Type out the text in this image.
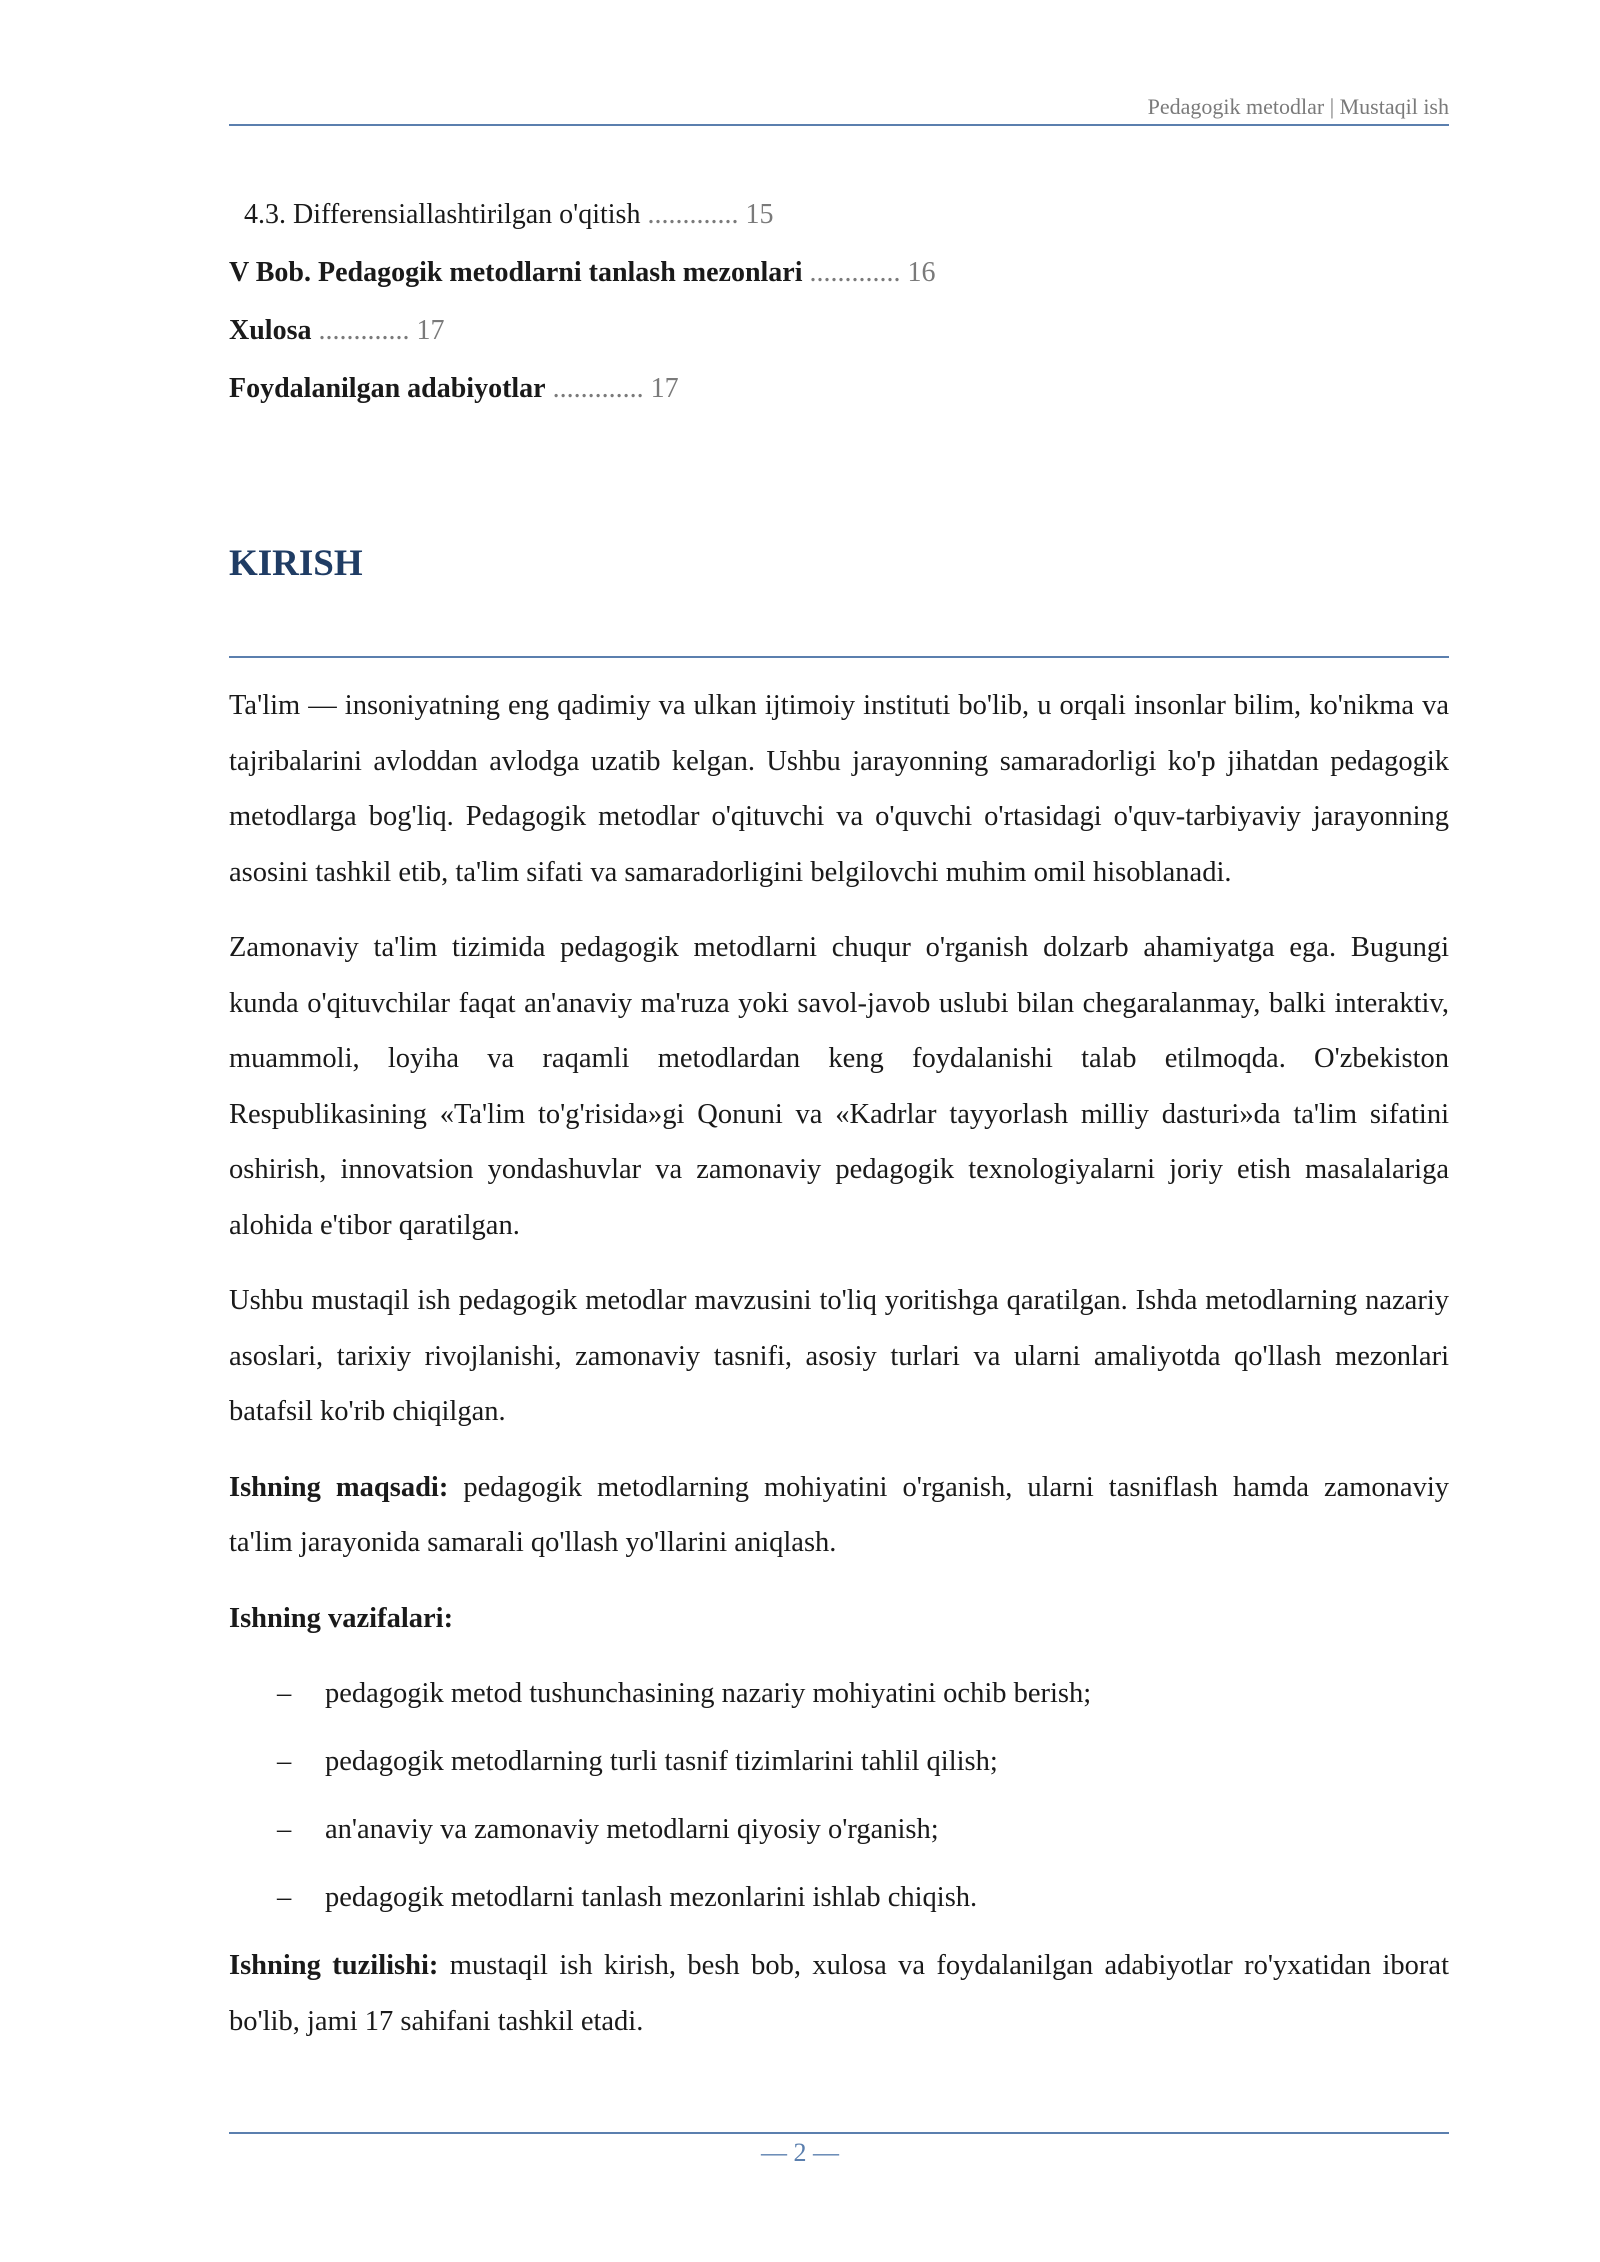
Pedagogik metodlar | Mustaqil ish
4.3. Differensiallashtirilgan o'qitish ............. 15
V Bob. Pedagogik metodlarni tanlash mezonlari ............. 16
Xulosa ............. 17
Foydalanilgan adabiyotlar ............. 17
KIRISH

Ta'lim — insoniyatning eng qadimiy va ulkan ijtimoiy instituti bo'lib, u orqali insonlar bilim, ko'nikma va tajribalarini avloddan avlodga uzatib kelgan. Ushbu jarayonning samaradorligi ko'p jihatdan pedagogik metodlarga bog'liq. Pedagogik metodlar o'qituvchi va o'quvchi o'rtasidagi o'quv-tarbiyaviy jarayonning asosini tashkil etib, ta'lim sifati va samaradorligini belgilovchi muhim omil hisoblanadi.

Zamonaviy ta'lim tizimida pedagogik metodlarni chuqur o'rganish dolzarb ahamiyatga ega. Bugungi kunda o'qituvchilar faqat an'anaviy ma'ruza yoki savol-javob uslubi bilan chegaralanmay, balki interaktiv, muammoli, loyiha va raqamli metodlardan keng foydalanishi talab etilmoqda. O'zbekiston Respublikasining «Ta'lim to'g'risida»gi Qonuni va «Kadrlar tayyorlash milliy dasturi»da ta'lim sifatini oshirish, innovatsion yondashuvlar va zamonaviy pedagogik texnologiyalarni joriy etish masalalariga alohida e'tibor qaratilgan.

Ushbu mustaqil ish pedagogik metodlar mavzusini to'liq yoritishga qaratilgan. Ishda metodlarning nazariy asoslari, tarixiy rivojlanishi, zamonaviy tasnifi, asosiy turlari va ularni amaliyotda qo'llash mezonlari batafsil ko'rib chiqilgan.

Ishning maqsadi: pedagogik metodlarning mohiyatini o'rganish, ularni tasniflash hamda zamonaviy ta'lim jarayonida samarali qo'llash yo'llarini aniqlash.

Ishning vazifalari:

– pedagogik metod tushunchasining nazariy mohiyatini ochib berish;
– pedagogik metodlarning turli tasnif tizimlarini tahlil qilish;
– an'anaviy va zamonaviy metodlarni qiyosiy o'rganish;
– pedagogik metodlarni tanlash mezonlarini ishlab chiqish.

Ishning tuzilishi: mustaqil ish kirish, besh bob, xulosa va foydalanilgan adabiyotlar ro'yxatidan iborat bo'lib, jami 17 sahifani tashkil etadi.

— 2 —
